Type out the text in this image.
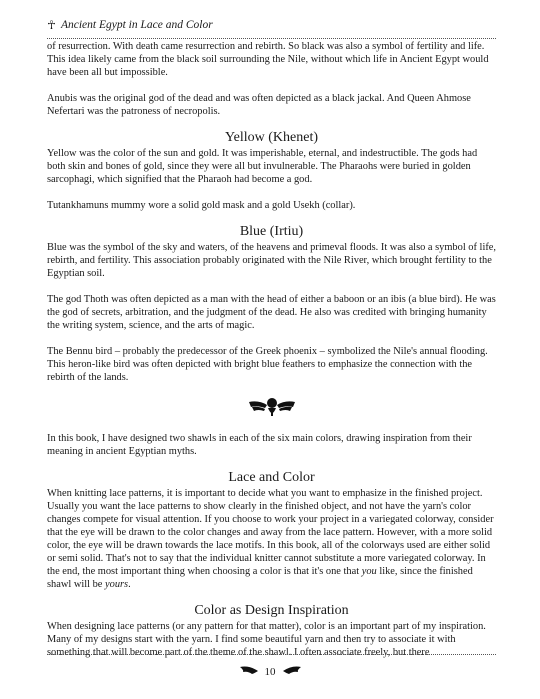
☥ Ancient Egypt in Lace and Color

of resurrection. With death came resurrection and rebirth. So black was also a symbol of fertility and life. This idea likely came from the black soil surrounding the Nile, without which life in Ancient Egypt would have been all but impossible.

Anubis was the original god of the dead and was often depicted as a black jackal. And Queen Ahmose Nefertari was the patroness of necropolis.

Yellow (Khenet)

Yellow was the color of the sun and gold. It was imperishable, eternal, and indestructible. The gods had both skin and bones of gold, since they were all but invulnerable. The Pharaohs were buried in golden sarcophagi, which signified that the Pharaoh had become a god.

Tutankhamuns mummy wore a solid gold mask and a gold Usekh (collar).

Blue (Irtiu)

Blue was the symbol of the sky and waters, of the heavens and primeval floods. It was also a symbol of life, rebirth, and fertility. This association probably originated with the Nile River, which brought fertility to the Egyptian soil.

The god Thoth was often depicted as a man with the head of either a baboon or an ibis (a blue bird). He was the god of secrets, arbitration, and the judgment of the dead. He also was credited with bringing humanity the writing system, science, and the arts of magic.

The Bennu bird – probably the predecessor of the Greek phoenix – symbolized the Nile's annual flooding. This heron-like bird was often depicted with bright blue feathers to emphasize the connection with the rebirth of the lands.

In this book, I have designed two shawls in each of the six main colors, drawing inspiration from their meaning in ancient Egyptian myths.

Lace and Color

When knitting lace patterns, it is important to decide what you want to emphasize in the finished project. Usually you want the lace patterns to show clearly in the finished object, and not have the yarn's color changes compete for visual attention. If you choose to work your project in a variegated colorway, consider that the eye will be drawn to the color changes and away from the lace pattern. However, with a more solid color, the eye will be drawn towards the lace motifs. In this book, all of the colorways used are either solid or semi solid. That's not to say that the individual knitter cannot substitute a more variegated colorway. In the end, the most important thing when choosing a color is that it's one that you like, since the finished shawl will be yours.

Color as Design Inspiration

When designing lace patterns (or any pattern for that matter), color is an important part of my inspiration. Many of my designs start with the yarn. I find some beautiful yarn and then try to associate it with something that will become part of the theme of the shawl. I often associate freely, but there

10
